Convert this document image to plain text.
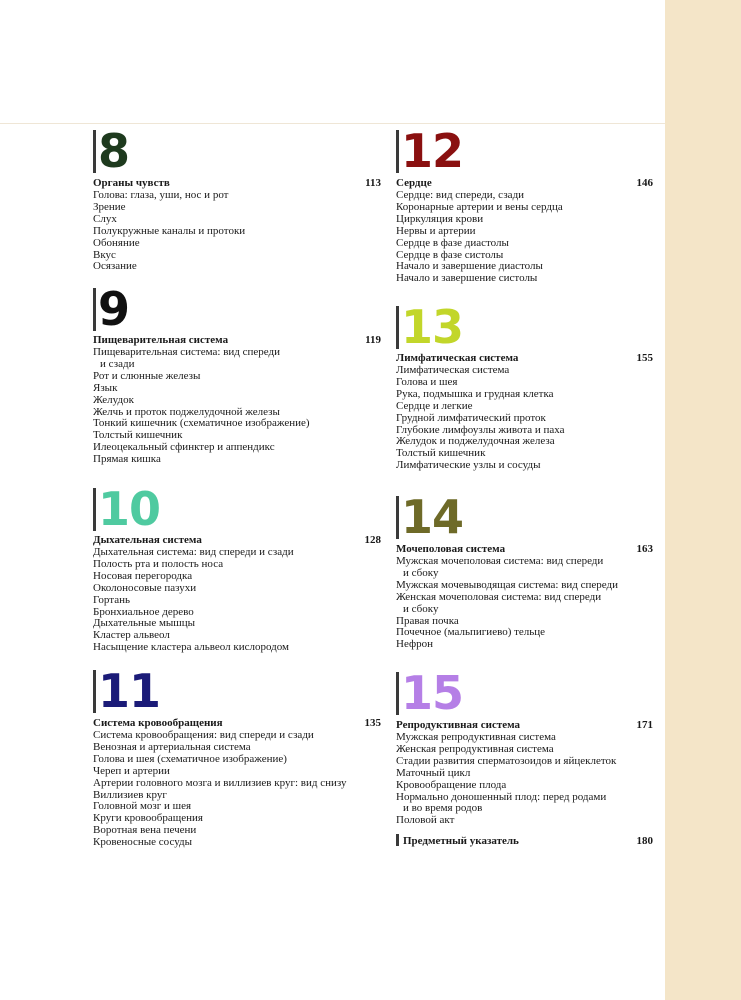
8
Органы чувств	113
Голова: глаза, уши, нос и рот
Зрение
Слух
Полукружные каналы и протоки
Обоняние
Вкус
Осязание
9
Пищеварительная система	119
Пищеварительная система: вид спереди
и сзади
Рот и слюнные железы
Язык
Желудок
Желчь и проток поджелудочной железы
Тонкий кишечник (схематичное изображение)
Толстый кишечник
Илеоцекальный сфинктер и аппендикс
Прямая кишка
10
Дыхательная система	128
Дыхательная система: вид спереди и сзади
Полость рта и полость носа
Носовая перегородка
Околоносовые пазухи
Гортань
Бронхиальное дерево
Дыхательные мышцы
Кластер альвеол
Насыщение кластера альвеол кислородом
11
Система кровообращения	135
Система кровообращения: вид спереди и сзади
Венозная и артериальная система
Голова и шея (схематичное изображение)
Череп и артерии
Артерии головного мозга и виллизиев круг: вид снизу
Виллизиев круг
Головной мозг и шея
Круги кровообращения
Воротная вена печени
Кровеносные сосуды
12
Сердце	146
Сердце: вид спереди, сзади
Коронарные артерии и вены сердца
Циркуляция крови
Нервы и артерии
Сердце в фазе диастолы
Сердце в фазе систолы
Начало и завершение диастолы
Начало и завершение систолы
13
Лимфатическая система	155
Лимфатическая система
Голова и шея
Рука, подмышка и грудная клетка
Сердце и легкие
Грудной лимфатический проток
Глубокие лимфоузлы живота и паха
Желудок и поджелудочная железа
Толстый кишечник
Лимфатические узлы и сосуды
14
Мочеполовая система	163
Мужская мочеполовая система: вид спереди
и сбоку
Мужская мочевыводящая система: вид спереди
Женская мочеполовая система: вид спереди
и сбоку
Правая почка
Почечное (мальпигиево) тельце
Нефрон
15
Репродуктивная система	171
Мужская репродуктивная система
Женская репродуктивная система
Стадии развития сперматозоидов и яйцеклеток
Маточный цикл
Кровообращение плода
Нормально доношенный плод: перед родами
и во время родов
Половой акт
Предметный указатель	180
